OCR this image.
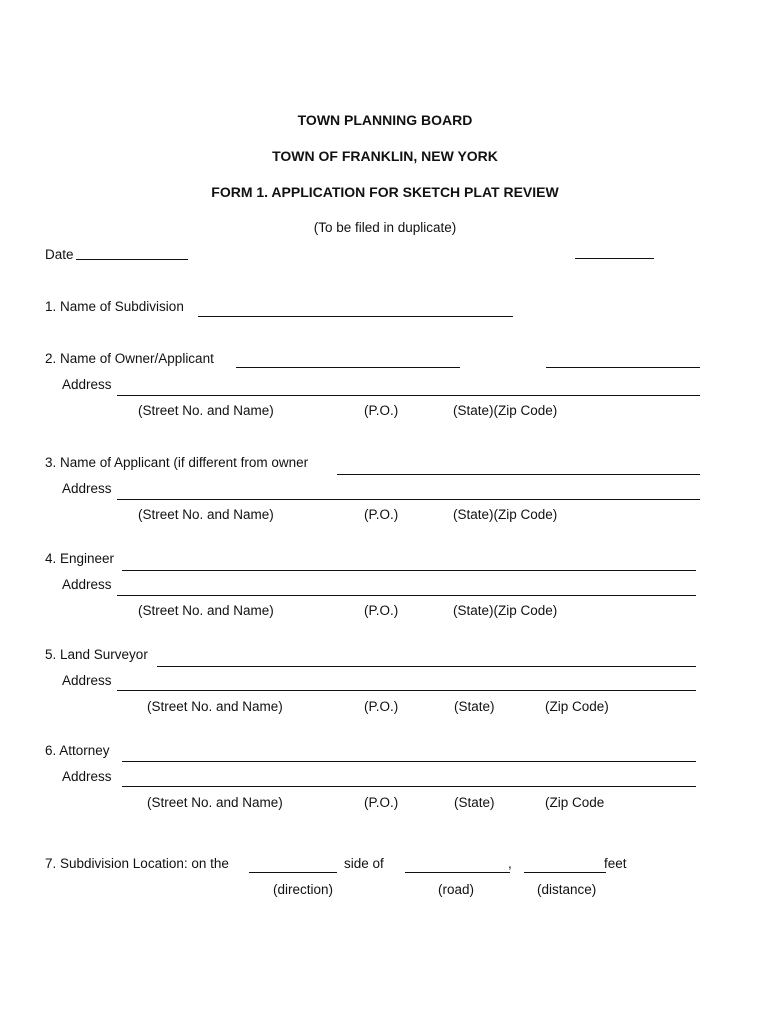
TOWN PLANNING BOARD
TOWN OF FRANKLIN, NEW YORK
FORM 1. APPLICATION FOR SKETCH PLAT REVIEW
(To be filed in duplicate)
Date
1. Name of Subdivision
2. Name of Owner/Applicant
Address
(Street No. and Name)	(P.O.)	(State)(Zip Code)
3. Name of Applicant (if different from owner
Address
(Street No. and Name)	(P.O.)	(State)(Zip Code)
4. Engineer
Address
(Street No. and Name)	(P.O.)	(State)(Zip Code)
5. Land Surveyor
Address
(Street No. and Name)	(P.O.)	(State)	(Zip Code)
6. Attorney
Address
(Street No. and Name)	(P.O.)	(State)	(Zip Code
7. Subdivision Location: on the	side of	,	feet
(direction)	(road)	(distance)
